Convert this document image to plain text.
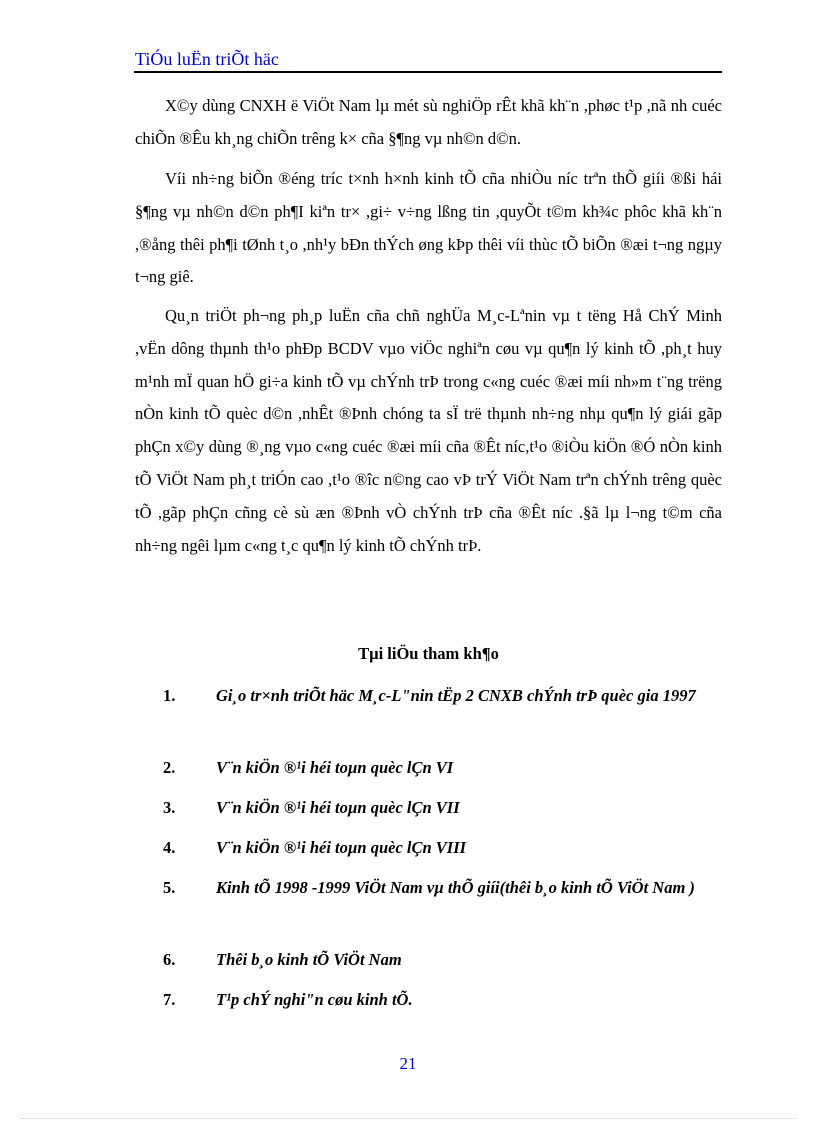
TiÓu luËn triÕt häc

X©y dùng CNXH ë ViÖt Nam lµ mét sù nghiÖp rÊt khã kh¨n ,phøc t¹p ,nã nh cuéc chiÕn ®Êu kh¸ng chiÕn trêng k× cña §¶ng vµ nh©n d©n.

Víi nh÷ng biÕn ®éng tríc t×nh h×nh kinh tÕ cña nhiÒu níc trªn thÕ giíi ®ßi hái §¶ng vµ nh©n d©n ph¶I kiªn tr× ,gi÷ v÷ng lßng tin ,quyÕt t©m kh¾c phôc khã kh¨n ,®ång thêi ph¶i tØnh t¸o ,nh¹y bÐn thÝch øng kÞp thêi víi thùc tÕ biÕn ®æi t¬ng ngµy t¬ng giê.

Qu¸n triÖt ph¬ng ph¸p luËn cña chñ nghÜa M¸c-Lªnin vµ t tëng Hå ChÝ Minh ,vËn dông thµnh th¹o phÐp BCDV vµo viÖc nghiªn cøu vµ qu¶n lý kinh tÕ ,ph¸t huy m¹nh mÏ quan hÖ gi÷a kinh tÕ vµ chÝnh trÞ trong c«ng cuéc ®æi míi nh»m t¨ng trëng nÒn kinh tÕ quèc d©n ,nhÊt ®Þnh chóng ta sÏ trë thµnh nh÷ng nhµ qu¶n lý giái gãp phÇn x©y dùng ®¸ng vµo c«ng cuéc ®æi míi cña ®Êt níc,t¹o ®iÒu kiÖn ®Ó nÒn kinh tÕ ViÖt Nam ph¸t triÓn cao ,t¹o ®îc n©ng cao vÞ trÝ ViÖt Nam trªn chÝnh trêng quèc tÕ ,gãp phÇn cñng cè sù æn ®Þnh vÒ chÝnh trÞ cña ®Êt níc .§ã lµ l¬ng t©m cña nh÷ng ngêi lµm c«ng t¸c qu¶n lý kinh tÕ chÝnh trÞ.

Tµi liÖu tham kh¶o
1.	Gi¸o tr×nh triÕt häc M¸c-L"nin tËp 2 CNXB chÝnh trÞ quèc gia 1997
2.	V¨n kiÖn ®¹i héi toµn quèc lÇn VI
3.	V¨n kiÖn ®¹i héi toµn quèc lÇn VII
4.	V¨n kiÖn ®¹i héi toµn quèc lÇn VIII
5.	Kinh tÕ 1998 -1999 ViÖt Nam vµ thÕ giíi(thêi b¸o kinh tÕ ViÖt Nam )
6.	Thêi b¸o kinh tÕ ViÖt Nam
7.	T¹p chÝ nghi"n cøu kinh tÕ.
21
